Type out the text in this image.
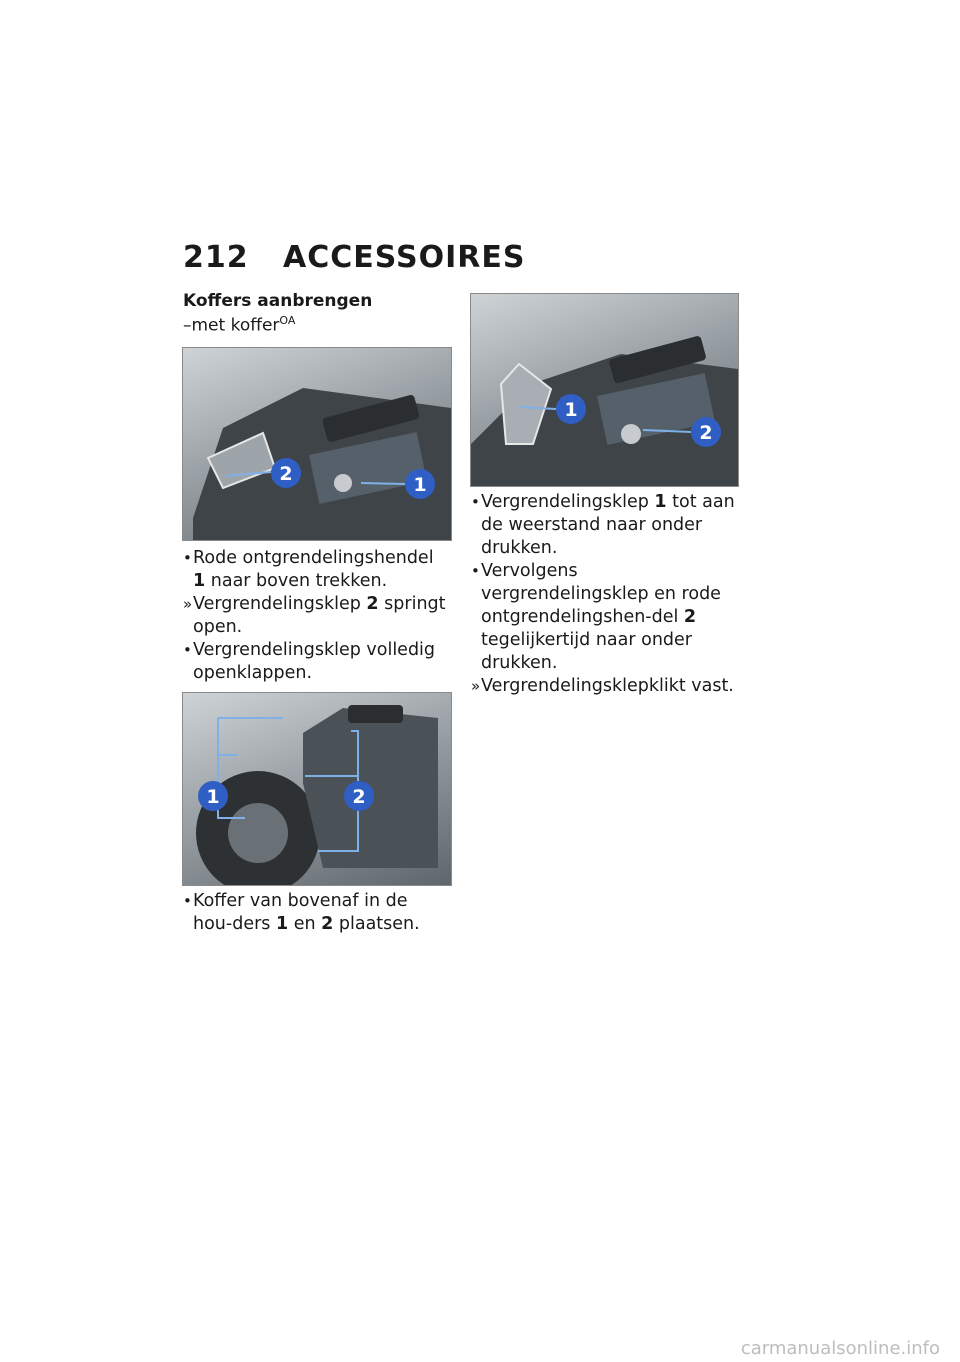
212	ACCESSOIRES
Koffers aanbrengen
–met koffer$^{OA}$
2	1
• Rode ontgrendelingshendel 1 naar boven trekken.
» Vergrendelingsklep 2 springt open.
• Vergrendelingsklep volledig openklappen.
1	2
• Koffer van bovenaf in de hou-ders 1 en 2 plaatsen.
1
2
• Vergrendelingsklep 1 tot aan de weerstand naar onder drukken.
• Vervolgens vergrendelingsklep en rode ontgrendelingshen-del 2 tegelijkertijd naar onder drukken.
» Vergrendelingsklepklikt vast.
carmanualsonline.info
